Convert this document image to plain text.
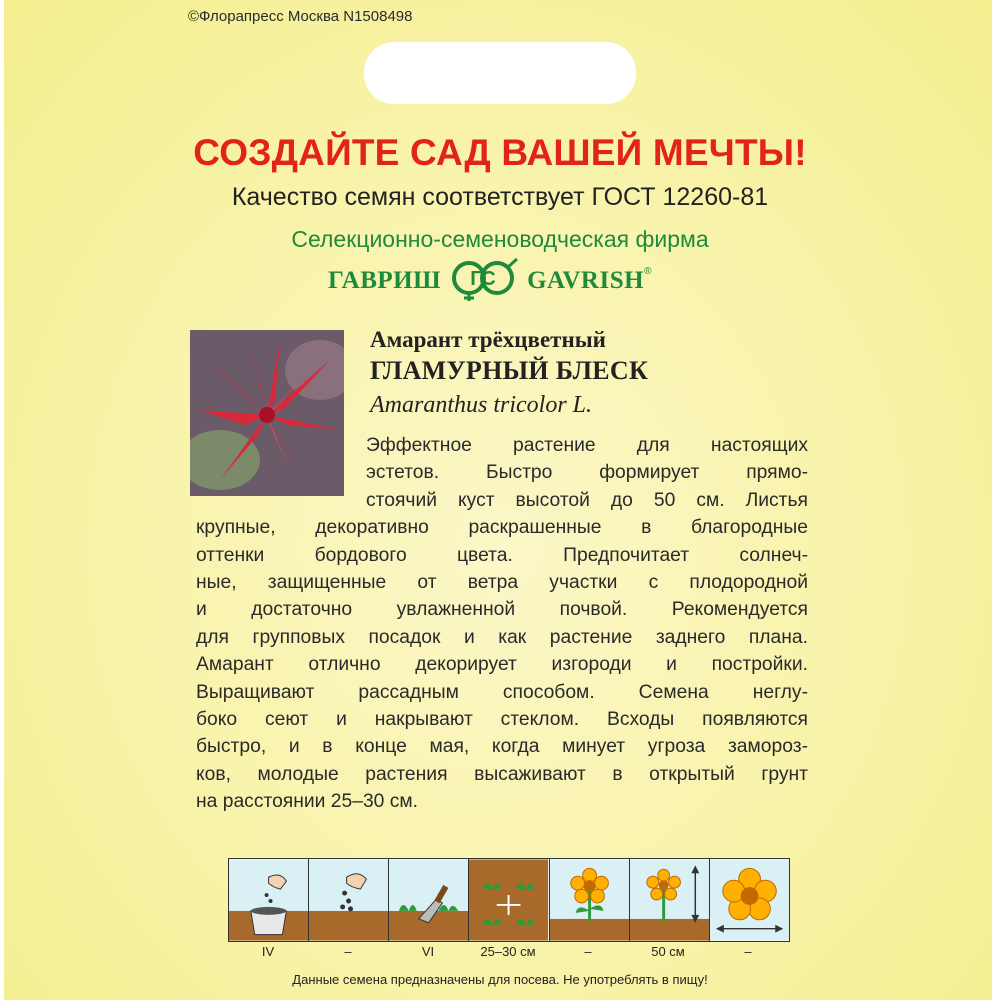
©Флорапресс Москва N1508498
СОЗДАЙТЕ САД ВАШЕЙ МЕЧТЫ!
Качество семян соответствует ГОСТ 12260-81
Селекционно-семеноводческая фирма
ГАВРИШ ГС GAVRISH ®
Амарант трёхцветный
ГЛАМУРНЫЙ БЛЕСК
Amaranthus tricolor L.

Эффектное растение для настоящих

эстетов. Быстро формирует прямо-

стоячий куст высотой до 50 см. Листья

крупные, декоративно раскрашенные в благородные

оттенки бордового цвета. Предпочитает солнеч-

ные, защищенные от ветра участки с плодородной

и достаточно увлажненной почвой. Рекомендуется

для групповых посадок и как растение заднего плана.

Амарант отлично декорирует изгороди и постройки.

Выращивают рассадным способом. Семена неглу-

боко сеют и накрывают стеклом. Всходы появляются

быстро, и в конце мая, когда минует угроза замороз-

ков, молодые растения высаживают в открытый грунт

на расстоянии 25–30 см.

IV	–	VI	25–30 см	–	50 см	–
Данные семена предназначены для посева. Не употреблять в пищу!
